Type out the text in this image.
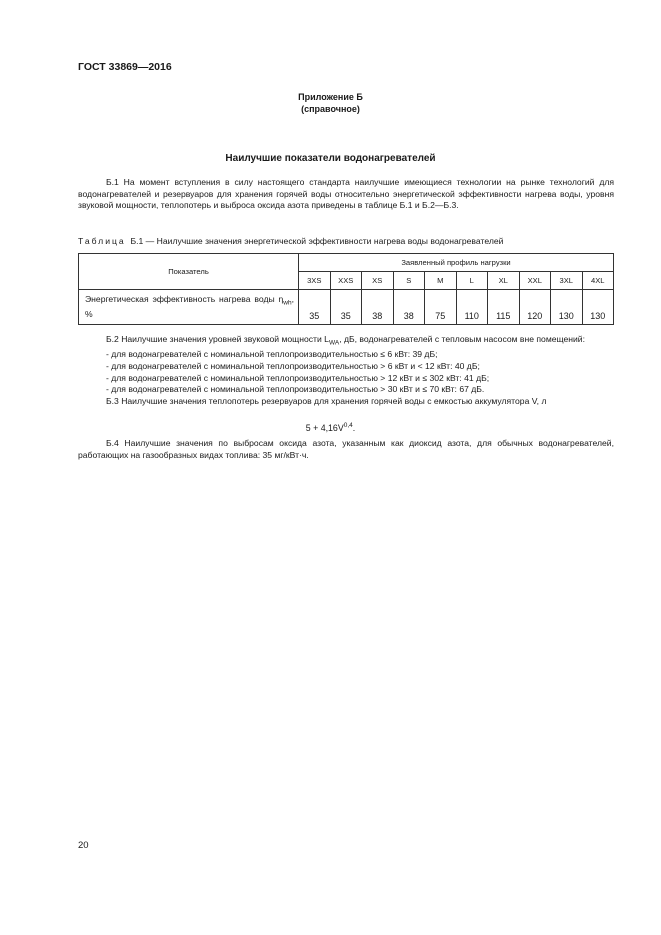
ГОСТ 33869—2016
Приложение Б
(справочное)
Наилучшие показатели водонагревателей

Б.1 На момент вступления в силу настоящего стандарта наилучшие имеющиеся технологии на рынке технологий для водонагревателей и резервуаров для хранения горячей воды относительно энергетической эффективности нагрева воды, уровня звуковой мощности, теплопотерь и выброса оксида азота приведены в таблице Б.1 и Б.2—Б.3.

Таблица Б.1 — Наилучшие значения энергетической эффективности нагрева воды водонагревателей
Показатель	Заявленный профиль нагрузки									
	3XS	XXS	XS	S	M	L	XL	XXL	3XL	4XL
Энергетическая эффективность нагрева воды $\eta_{wh}$, %	35	35	38	38	75	110	115	120	130	130

Б.2 Наилучшие значения уровней звуковой мощности $L_{WA}$, дБ, водонагревателей с тепловым насосом вне помещений:

- для водонагревателей с номинальной теплопроизводительностью ≤ 6 кВт: 39 дБ;
- для водонагревателей с номинальной теплопроизводительностью > 6 кВт и < 12 кВт: 40 дБ;
- для водонагревателей с номинальной теплопроизводительностью > 12 кВт и ≤ 302 кВт: 41 дБ;
- для водонагревателей с номинальной теплопроизводительностью > 30 кВт и ≤ 70 кВт: 67 дБ.

Б.3 Наилучшие значения теплопотерь резервуаров для хранения горячей воды с емкостью аккумулятора V, л

$5 + 4,16V^{0,4}$.

Б.4 Наилучшие значения по выбросам оксида азота, указанным как диоксид азота, для обычных водонагревателей, работающих на газообразных видах топлива: 35 мг/кВт·ч.

20
